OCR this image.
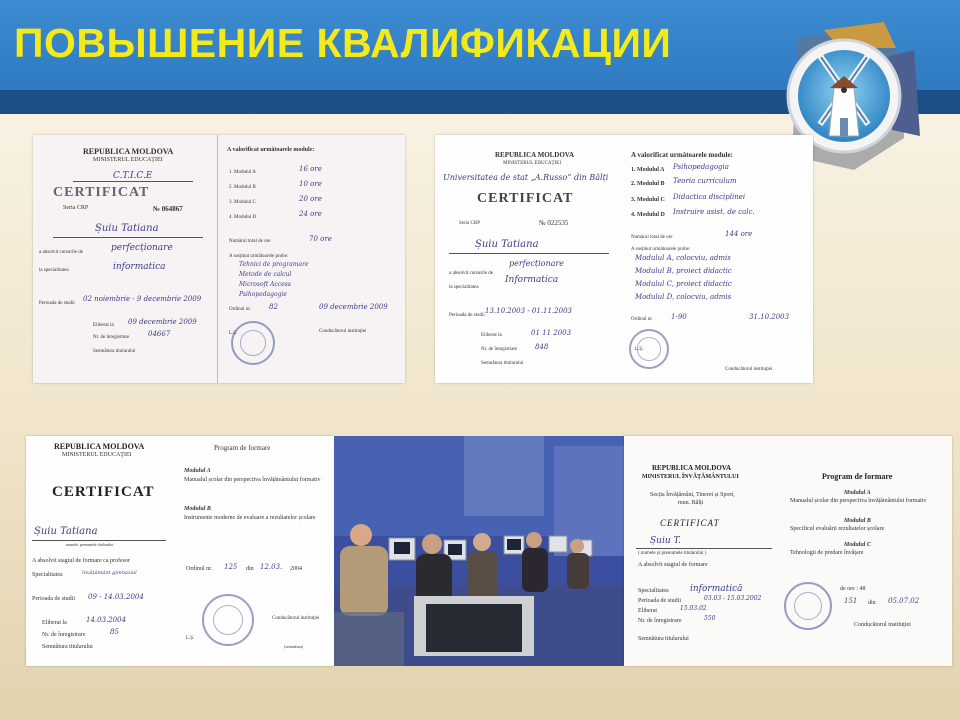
ПОВЫШЕНИЕ КВАЛИФИКАЦИИ
REPUBLICA MOLDOVA
MINISTERUL EDUCAŢIEI
CERTIFICAT
Seria CRP	№ 064867
C.T.I.C.E
Șuiu Tatiana
a absolvit cursurile de	perfecționare
la specialitatea	informatica
Perioada de studii
02 noiembrie - 9 decembrie 2009
Eliberat la 09 decembrie 2009
Nr. de înregistrare	04667
Semnătura titularului
A valorificat următoarele module:
1. Modulul A	16 ore
2. Modulul B	10 ore
3. Modulul C	20 ore
4. Modulul D	24 ore
Numărul total de ore	70 ore
A susținut următoarele probe:
Tehnici de programare
Metode de calcul
Microsoft Access
Psihopedagogie
Ordinul nr.	82	09 decembrie 2009
L.Ș.	Conducătorul instituţiei
REPUBLICA MOLDOVA
MINISTERUL EDUCAŢIEI
Universitatea de stat „A.Russo” din Bălți
CERTIFICAT
Seria CRP	№ 022535
Șuiu Tatiana
a absolvit cursurile de
perfecționare
la specialitatea
Informatica
Perioada de studii
13.10.2003 - 01.11.2003
Eliberat la	01 11 2003
Nr. de înregistrare	848
Semnătura titularului
A valorificat următoarele module:
1. Modulul A Psihopedagogia
2. Modulul B Teoria curriculum
3. Modulul C Didactica disciplinei
4. Modulul D Instruire asist. de calc.
Numărul total de ore	144 ore
A susținut următoarele probe:
Modulul A, colocviu, admis
Modulul B, proiect didactic
Modulul C, proiect didactic
Modulul D, colocviu, admis
Ordinul nr.	1-90	31.10.2003
L.Ș.
Conducătorul instituţiei
REPUBLICA MOLDOVA
MINISTERUL EDUCAŢIEI
CERTIFICAT
Șuiu Tatiana
numele, prenumele titularului
A absolvit stagiul de formare ca profesor
Specialitatea	învățământ gimnazial
Perioada de studii 09 - 14.03.2004
Eliberat la	14.03.2004
Nr. de înregistrare	85
Semnătura titularului
Program de formare
Modulul A
Manualul școlar din perspectiva învățământului formativ
Modulul B
Instrumente moderne de evaluare a rezultatelor școlare
Ordinul nr. 125 din 12.03. 2004
L.Ș.
Conducătorul instituţiei
(semnătura)
REPUBLICA MOLDOVA
MINISTERUL ÎNVĂȚĂMÂNTULUI
Secția Învățământ, Tineret și Sport,
mun. Bălți
CERTIFICAT
Șuiu T.
( numele și prenumele titularului )
A absolvit stagiul de formare
Specialitatea informatică
Perioada de studii	03.03 - 15.03.2002
Eliberat	15.03.02
Nr. de înregistrare	550
Semnătura titularului
Program de formare
Modulul A
Manualul școlar din perspectiva învățământului formativ
Modulul B
Specificul evaluării rezultatelor școlare
Modulul C
Tehnologii de predare învățare
de ore : 48
151 din 05.07.02
Conducătorul instituției
